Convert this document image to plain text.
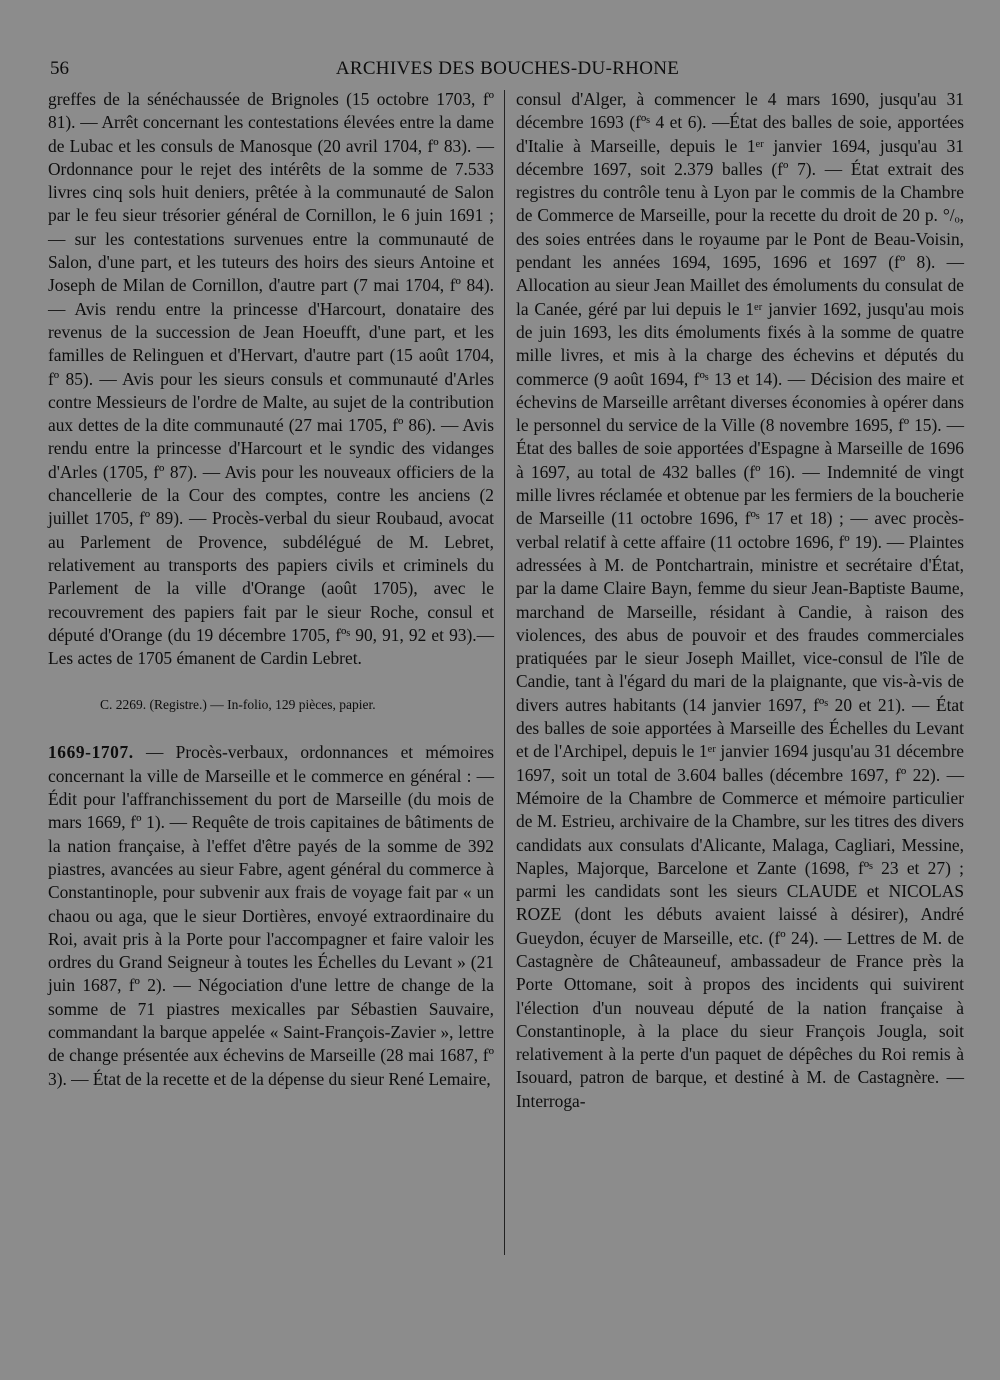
56	ARCHIVES DES BOUCHES-DU-RHONE

greffes de la sénéchaussée de Brignoles (15 octobre 1703, fº 81). — Arrêt concernant les contestations élevées entre la dame de Lubac et les consuls de Manosque (20 avril 1704, fº 83). — Ordonnance pour le rejet des intérêts de la somme de 7.533 livres cinq sols huit deniers, prêtée à la communauté de Salon par le feu sieur trésorier général de Cornillon, le 6 juin 1691 ; — sur les contestations survenues entre la communauté de Salon, d'une part, et les tuteurs des hoirs des sieurs Antoine et Joseph de Milan de Cornillon, d'autre part (7 mai 1704, fº 84). — Avis rendu entre la princesse d'Harcourt, donataire des revenus de la succession de Jean Hoeufft, d'une part, et les familles de Relinguen et d'Hervart, d'autre part (15 août 1704, fº 85). — Avis pour les sieurs consuls et communauté d'Arles contre Messieurs de l'ordre de Malte, au sujet de la contribution aux dettes de la dite communauté (27 mai 1705, fº 86). — Avis rendu entre la princesse d'Harcourt et le syndic des vidanges d'Arles (1705, fº 87). — Avis pour les nouveaux officiers de la chancellerie de la Cour des comptes, contre les anciens (2 juillet 1705, fº 89). — Procès-verbal du sieur Roubaud, avocat au Parlement de Provence, subdélégué de M. Lebret, relativement au transports des papiers civils et criminels du Parlement de la ville d'Orange (août 1705), avec le recouvrement des papiers fait par le sieur Roche, consul et député d'Orange (du 19 décembre 1705, fºˢ 90, 91, 92 et 93).— Les actes de 1705 émanent de Cardin Lebret.

C. 2269. (Registre.) — In-folio, 129 pièces, papier.

1669-1707. — Procès-verbaux, ordonnances et mémoires concernant la ville de Marseille et le commerce en général : — Édit pour l'affranchissement du port de Marseille (du mois de mars 1669, fº 1). — Requête de trois capitaines de bâtiments de la nation française, à l'effet d'être payés de la somme de 392 piastres, avancées au sieur Fabre, agent général du commerce à Constantinople, pour subvenir aux frais de voyage fait par « un chaou ou aga, que le sieur Dortières, envoyé extraordinaire du Roi, avait pris à la Porte pour l'accompagner et faire valoir les ordres du Grand Seigneur à toutes les Échelles du Levant » (21 juin 1687, fº 2). — Négociation d'une lettre de change de la somme de 71 piastres mexicalles par Sébastien Sauvaire, commandant la barque appelée « Saint-François-Zavier », lettre de change présentée aux échevins de Marseille (28 mai 1687, fº 3). — État de la recette et de la dépense du sieur René Lemaire,

consul d'Alger, à commencer le 4 mars 1690, jusqu'au 31 décembre 1693 (fºˢ 4 et 6). —État des balles de soie, apportées d'Italie à Marseille, depuis le 1ᵉʳ janvier 1694, jusqu'au 31 décembre 1697, soit 2.379 balles (fº 7). — État extrait des registres du contrôle tenu à Lyon par le commis de la Chambre de Commerce de Marseille, pour la recette du droit de 20 p. °/ₒ, des soies entrées dans le royaume par le Pont de Beau-Voisin, pendant les années 1694, 1695, 1696 et 1697 (fº 8). — Allocation au sieur Jean Maillet des émoluments du consulat de la Canée, géré par lui depuis le 1ᵉʳ janvier 1692, jusqu'au mois de juin 1693, les dits émoluments fixés à la somme de quatre mille livres, et mis à la charge des échevins et députés du commerce (9 août 1694, fºˢ 13 et 14). — Décision des maire et échevins de Marseille arrêtant diverses économies à opérer dans le personnel du service de la Ville (8 novembre 1695, fº 15). — État des balles de soie apportées d'Espagne à Marseille de 1696 à 1697, au total de 432 balles (fº 16). — Indemnité de vingt mille livres réclamée et obtenue par les fermiers de la boucherie de Marseille (11 octobre 1696, fºˢ 17 et 18) ; — avec procès-verbal relatif à cette affaire (11 octobre 1696, fº 19). — Plaintes adressées à M. de Pontchartrain, ministre et secrétaire d'État, par la dame Claire Bayn, femme du sieur Jean-Baptiste Baume, marchand de Marseille, résidant à Candie, à raison des violences, des abus de pouvoir et des fraudes commerciales pratiquées par le sieur Joseph Maillet, vice-consul de l'île de Candie, tant à l'égard du mari de la plaignante, que vis-à-vis de divers autres habitants (14 janvier 1697, fºˢ 20 et 21). — État des balles de soie apportées à Marseille des Échelles du Levant et de l'Archipel, depuis le 1ᵉʳ janvier 1694 jusqu'au 31 décembre 1697, soit un total de 3.604 balles (décembre 1697, fº 22). — Mémoire de la Chambre de Commerce et mémoire particulier de M. Estrieu, archivaire de la Chambre, sur les titres des divers candidats aux consulats d'Alicante, Malaga, Cagliari, Messine, Naples, Majorque, Barcelone et Zante (1698, fºˢ 23 et 27) ; parmi les candidats sont les sieurs CLAUDE et NICOLAS ROZE (dont les débuts avaient laissé à désirer), André Gueydon, écuyer de Marseille, etc. (fº 24). — Lettres de M. de Castagnère de Châteauneuf, ambassadeur de France près la Porte Ottomane, soit à propos des incidents qui suivirent l'élection d'un nouveau député de la nation française à Constantinople, à la place du sieur François Jougla, soit relativement à la perte d'un paquet de dépêches du Roi remis à Isouard, patron de barque, et destiné à M. de Castagnère. — Interroga-
